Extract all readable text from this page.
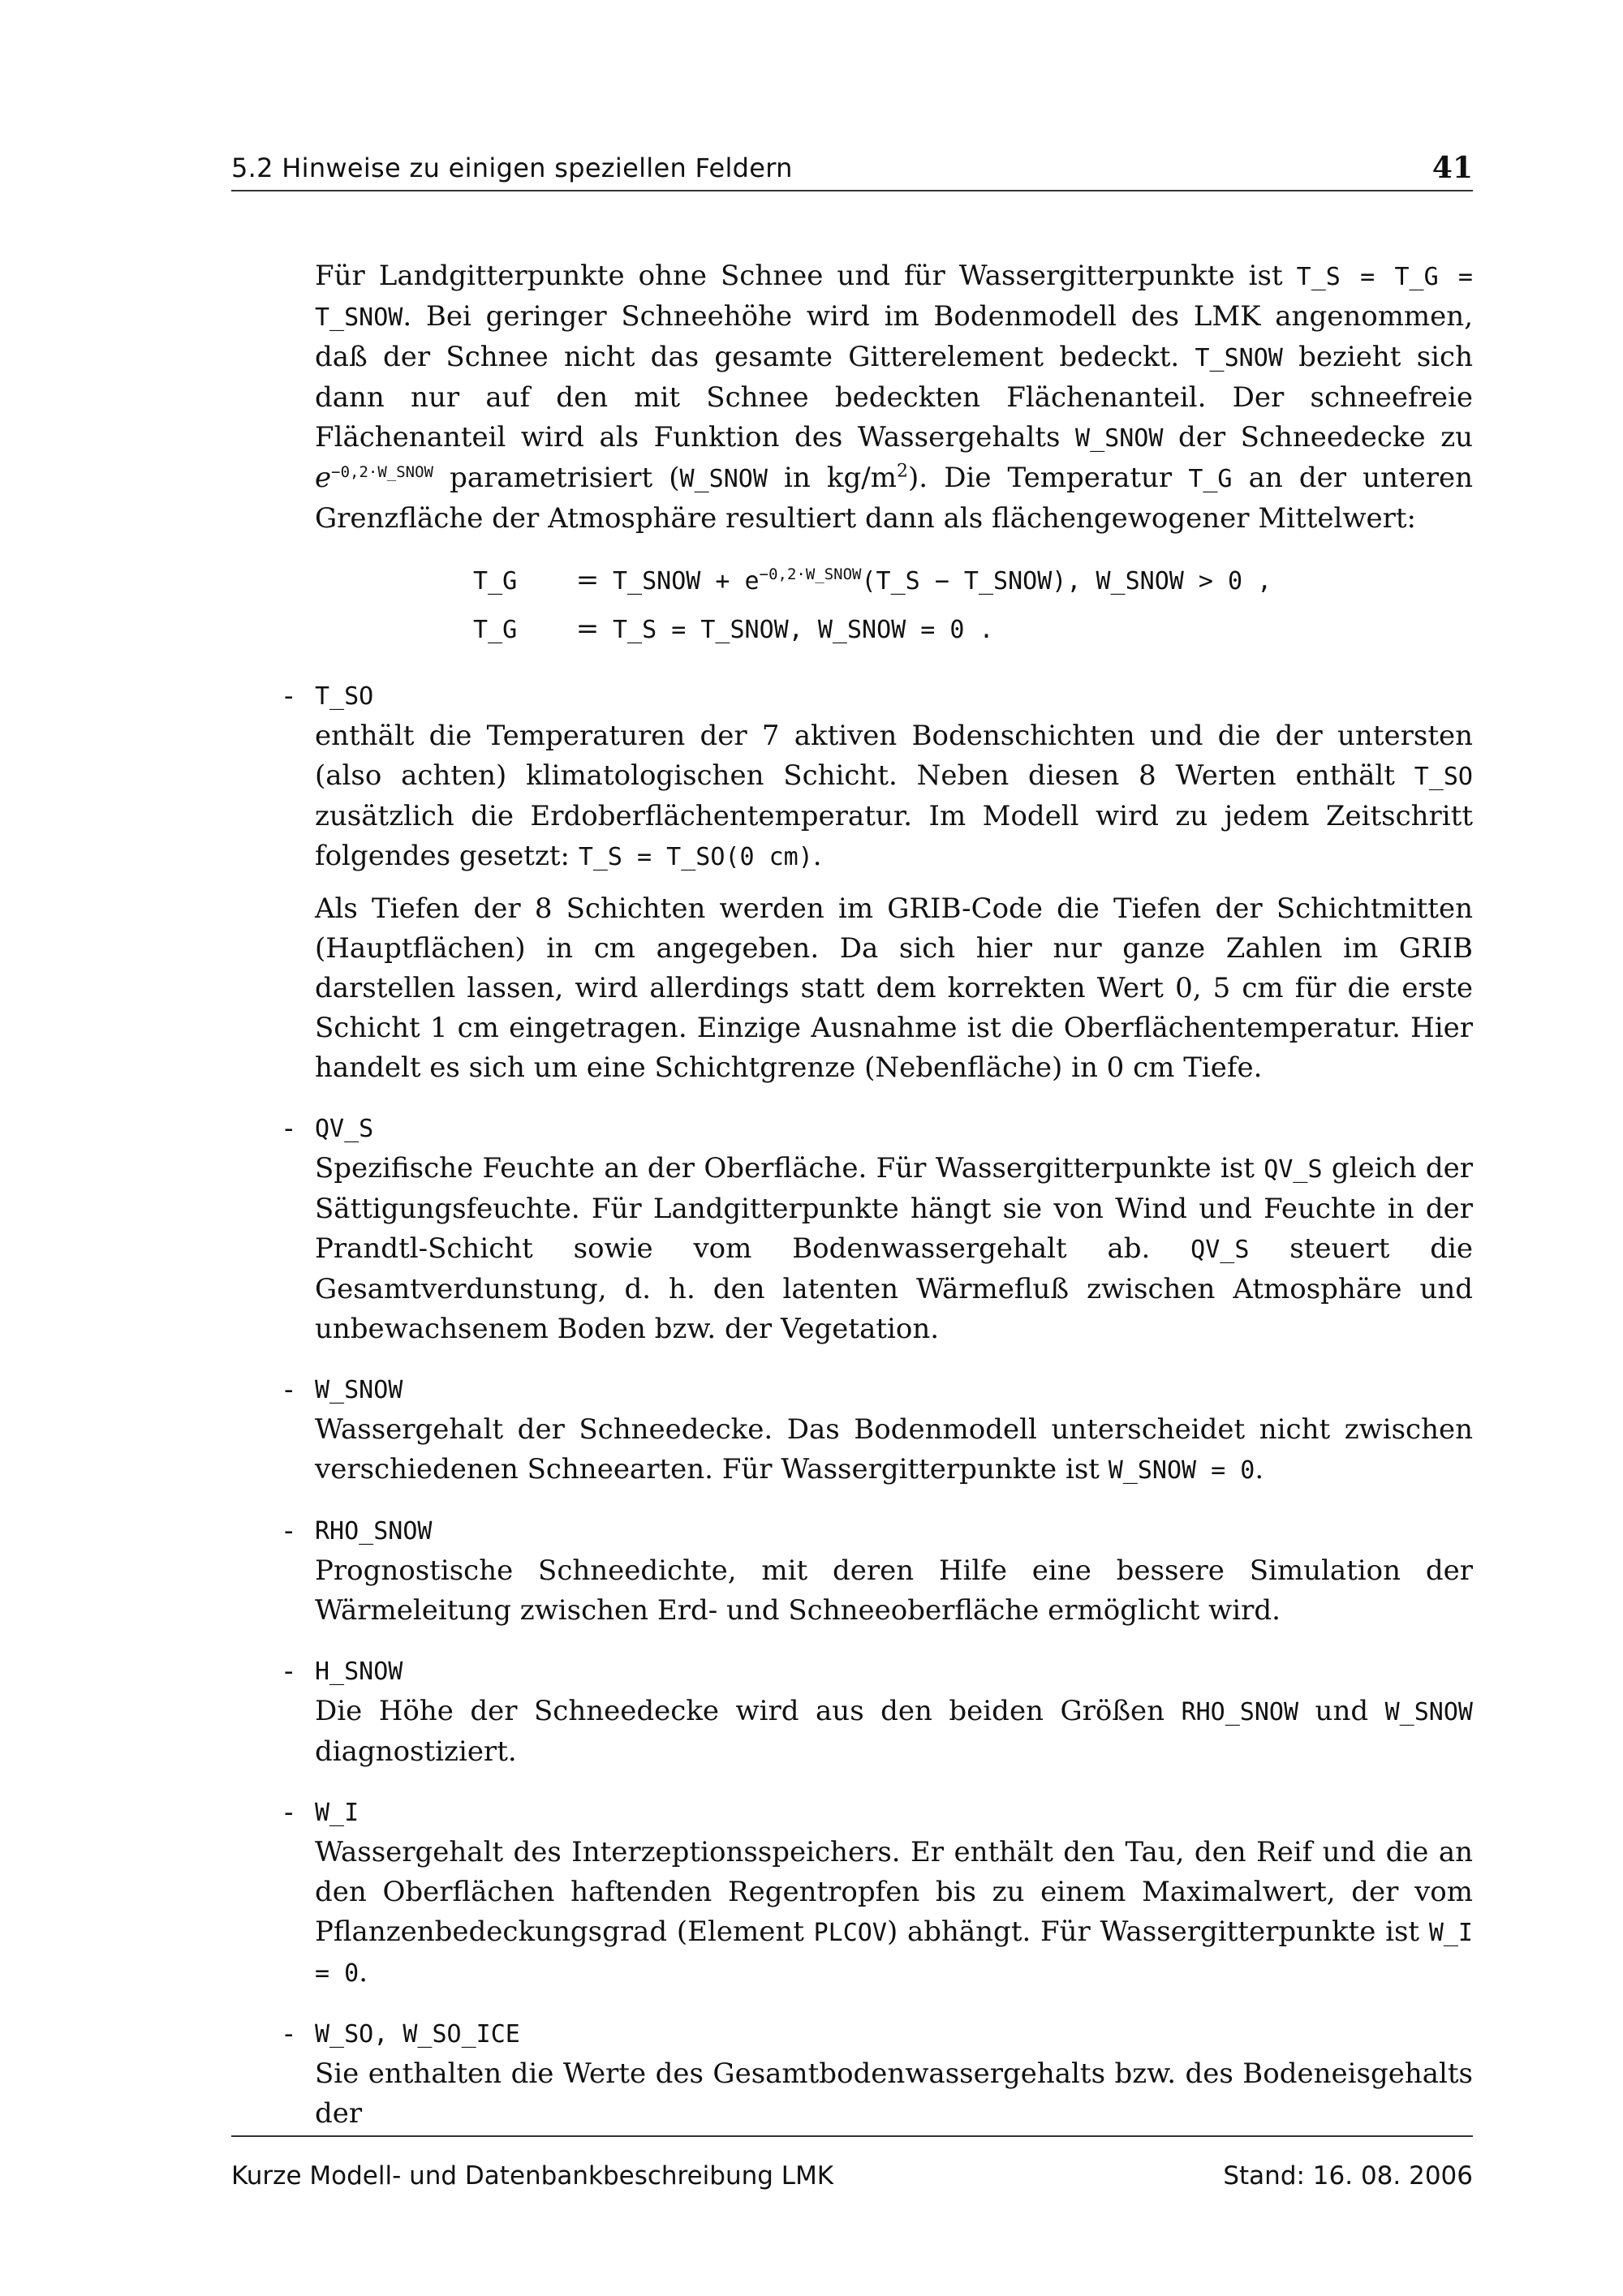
5.2 Hinweise zu einigen speziellen Feldern	41

Für Landgitterpunkte ohne Schnee und für Wassergitterpunkte ist T_S = T_G = T_SNOW. Bei geringer Schneehöhe wird im Bodenmodell des LMK angenommen, daß der Schnee nicht das gesamte Gitterelement bedeckt. T_SNOW bezieht sich dann nur auf den mit Schnee bedeckten Flächenanteil. Der schneefreie Flächenanteil wird als Funktion des Wassergehalts W_SNOW der Schneedecke zu $e^{-0,2\cdot W\_SNOW}$ parametrisiert (W_SNOW in $kg/m^2$). Die Temperatur T_G an der unteren Grenzfläche der Atmosphäre resultiert dann als flächengewogener Mittelwert:

T_G	=	T_SNOW + $e^{-0,2\cdot W\_SNOW}(T\_S$ − T_SNOW), W_SNOW > 0 ,
T_G	=	T_S = T_SNOW, W_SNOW = 0 .
- T_SO

enthält die Temperaturen der 7 aktiven Bodenschichten und die der untersten (also achten) klimatologischen Schicht. Neben diesen 8 Werten enthält T_SO zusätzlich die Erdoberflächentemperatur. Im Modell wird zu jedem Zeitschritt folgendes gesetzt: T_S = T_SO(0 cm).

Als Tiefen der 8 Schichten werden im GRIB-Code die Tiefen der Schichtmitten (Hauptflächen) in cm angegeben. Da sich hier nur ganze Zahlen im GRIB darstellen lassen, wird allerdings statt dem korrekten Wert 0, 5 cm für die erste Schicht 1 cm eingetragen. Einzige Ausnahme ist die Oberflächentemperatur. Hier handelt es sich um eine Schichtgrenze (Nebenfläche) in 0 cm Tiefe.

- QV_S

Spezifische Feuchte an der Oberfläche. Für Wassergitterpunkte ist QV_S gleich der Sättigungsfeuchte. Für Landgitterpunkte hängt sie von Wind und Feuchte in der Prandtl-Schicht sowie vom Bodenwassergehalt ab. QV_S steuert die Gesamtverdunstung, d. h. den latenten Wärmefluß zwischen Atmosphäre und unbewachsenem Boden bzw. der Vegetation.

- W_SNOW

Wassergehalt der Schneedecke. Das Bodenmodell unterscheidet nicht zwischen verschiedenen Schneearten. Für Wassergitterpunkte ist W_SNOW = 0.

- RHO_SNOW

Prognostische Schneedichte, mit deren Hilfe eine bessere Simulation der Wärmeleitung zwischen Erd- und Schneeoberfläche ermöglicht wird.

- H_SNOW

Die Höhe der Schneedecke wird aus den beiden Größen RHO_SNOW und W_SNOW diagnostiziert.

- W_I

Wassergehalt des Interzeptionsspeichers. Er enthält den Tau, den Reif und die an den Oberflächen haftenden Regentropfen bis zu einem Maximalwert, der vom Pflanzenbedeckungsgrad (Element PLCOV) abhängt. Für Wassergitterpunkte ist W_I = 0.

- W_SO, W_SO_ICE

Sie enthalten die Werte des Gesamtbodenwassergehalts bzw. des Bodeneisgehalts der

Kurze Modell- und Datenbankbeschreibung LMK	Stand: 16. 08. 2006
